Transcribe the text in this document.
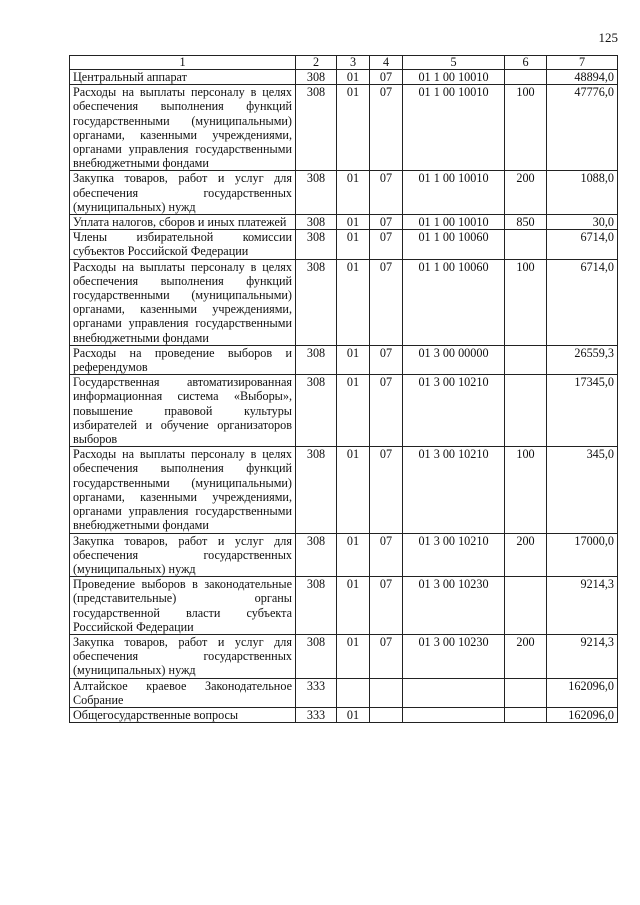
125
1	2	3	4	5	6	7
Центральный аппарат	308	01	07	01 1 00 10010		48894,0
Расходы на выплаты персоналу в целях обеспечения выполнения функций государственными (муниципальными) органами, казенными учреждениями, органами управления государственными внебюджетными фондами	308	01	07	01 1 00 10010	100	47776,0
Закупка товаров, работ и услуг для обеспечения государственных (муниципальных) нужд	308	01	07	01 1 00 10010	200	1088,0
Уплата налогов, сборов и иных платежей	308	01	07	01 1 00 10010	850	30,0
Члены избирательной комиссии субъектов Российской Федерации	308	01	07	01 1 00 10060		6714,0
Расходы на выплаты персоналу в целях обеспечения выполнения функций государственными (муниципальными) органами, казенными учреждениями, органами управления государственными внебюджетными фондами	308	01	07	01 1 00 10060	100	6714,0
Расходы на проведение выборов и референдумов	308	01	07	01 3 00 00000		26559,3
Государственная автоматизированная информационная система «Выборы», повышение правовой культуры избирателей и обучение организаторов выборов	308	01	07	01 3 00 10210		17345,0
Расходы на выплаты персоналу в целях обеспечения выполнения функций государственными (муниципальными) органами, казенными учреждениями, органами управления государственными внебюджетными фондами	308	01	07	01 3 00 10210	100	345,0
Закупка товаров, работ и услуг для обеспечения государственных (муниципальных) нужд	308	01	07	01 3 00 10210	200	17000,0
Проведение выборов в законодательные (представительные) органы государственной власти субъекта Российской Федерации	308	01	07	01 3 00 10230		9214,3
Закупка товаров, работ и услуг для обеспечения государственных (муниципальных) нужд	308	01	07	01 3 00 10230	200	9214,3
Алтайское краевое Законодательное Собрание	333					162096,0
Общегосударственные вопросы	333	01				162096,0
